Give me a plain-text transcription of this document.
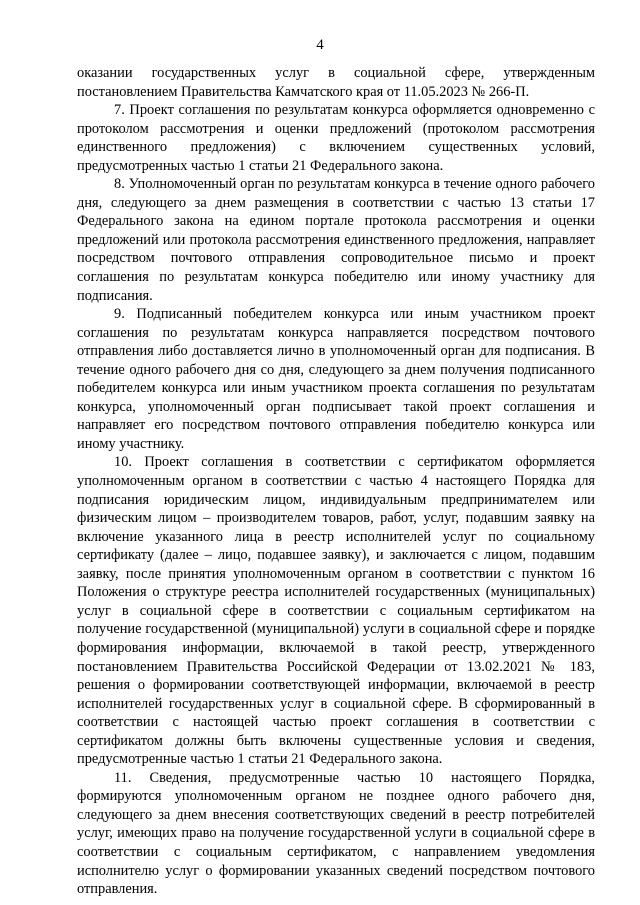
4

оказании государственных услуг в социальной сфере, утвержденным постановлением Правительства Камчатского края от 11.05.2023 № 266-П.

7. Проект соглашения по результатам конкурса оформляется одновременно с протоколом рассмотрения и оценки предложений (протоколом рассмотрения единственного предложения) с включением существенных условий, предусмотренных частью 1 статьи 21 Федерального закона.

8. Уполномоченный орган по результатам конкурса в течение одного рабочего дня, следующего за днем размещения в соответствии с частью 13 статьи 17 Федерального закона на едином портале протокола рассмотрения и оценки предложений или протокола рассмотрения единственного предложения, направляет посредством почтового отправления сопроводительное письмо и проект соглашения по результатам конкурса победителю или иному участнику для подписания.

9. Подписанный победителем конкурса или иным участником проект соглашения по результатам конкурса направляется посредством почтового отправления либо доставляется лично в уполномоченный орган для подписания. В течение одного рабочего дня со дня, следующего за днем получения подписанного победителем конкурса или иным участником проекта соглашения по результатам конкурса, уполномоченный орган подписывает такой проект соглашения и направляет его посредством почтового отправления победителю конкурса или иному участнику.

10. Проект соглашения в соответствии с сертификатом оформляется уполномоченным органом в соответствии с частью 4 настоящего Порядка для подписания юридическим лицом, индивидуальным предпринимателем или физическим лицом – производителем товаров, работ, услуг, подавшим заявку на включение указанного лица в реестр исполнителей услуг по социальному сертификату (далее – лицо, подавшее заявку), и заключается с лицом, подавшим заявку, после принятия уполномоченным органом в соответствии с пунктом 16 Положения о структуре реестра исполнителей государственных (муниципальных) услуг в социальной сфере в соответствии с социальным сертификатом на получение государственной (муниципальной) услуги в социальной сфере и порядке формирования информации, включаемой в такой реестр, утвержденного постановлением Правительства Российской Федерации от 13.02.2021 № 183, решения о формировании соответствующей информации, включаемой в реестр исполнителей государственных услуг в социальной сфере. В сформированный в соответствии с настоящей частью проект соглашения в соответствии с сертификатом должны быть включены существенные условия и сведения, предусмотренные частью 1 статьи 21 Федерального закона.

11. Сведения, предусмотренные частью 10 настоящего Порядка, формируются уполномоченным органом не позднее одного рабочего дня, следующего за днем внесения соответствующих сведений в реестр потребителей услуг, имеющих право на получение государственной услуги в социальной сфере в соответствии с социальным сертификатом, с направлением уведомления исполнителю услуг о формировании указанных сведений посредством почтового отправления.
